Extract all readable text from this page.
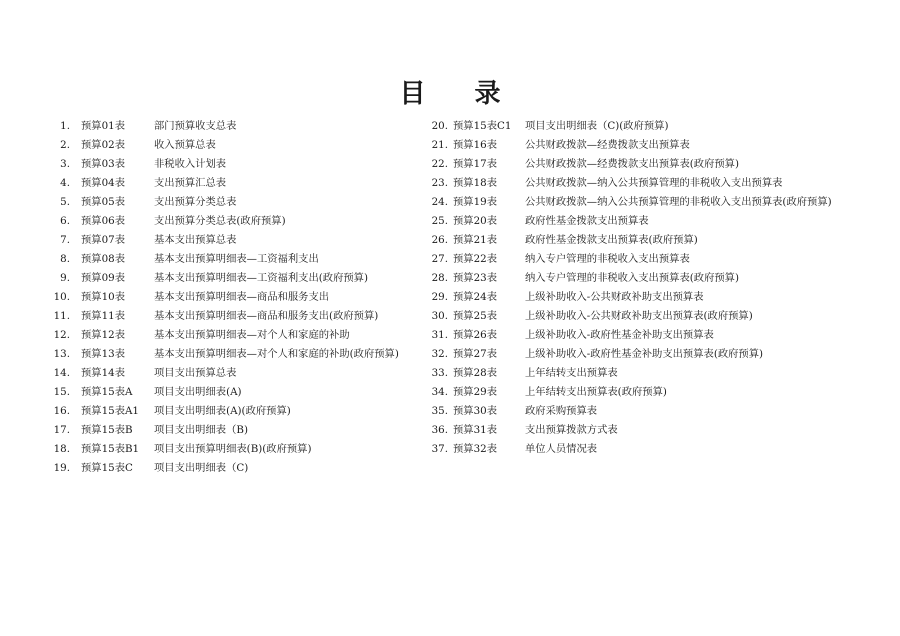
目 录
1.	预算01表	部门预算收支总表
2.	预算02表	收入预算总表
3.	预算03表	非税收入计划表
4.	预算04表	支出预算汇总表
5.	预算05表	支出预算分类总表
6.	预算06表	支出预算分类总表(政府预算)
7.	预算07表	基本支出预算总表
8.	预算08表	基本支出预算明细表—工资福利支出
9.	预算09表	基本支出预算明细表—工资福利支出(政府预算)
10.	预算10表	基本支出预算明细表—商品和服务支出
11.	预算11表	基本支出预算明细表—商品和服务支出(政府预算)
12.	预算12表	基本支出预算明细表—对个人和家庭的补助
13.	预算13表	基本支出预算明细表—对个人和家庭的补助(政府预算)
14.	预算14表	项目支出预算总表
15.	预算15表A	项目支出明细表(A)
16.	预算15表A1	项目支出明细表(A)(政府预算)
17.	预算15表B	项目支出明细表（B)
18.	预算15表B1	项目支出预算明细表(B)(政府预算)
19.	预算15表C	项目支出明细表（C)
20. 预算15表C1	项目支出明细表（C)(政府预算)
21. 预算16表	公共财政拨款—经费拨款支出预算表
22. 预算17表	公共财政拨款—经费拨款支出预算表(政府预算)
23. 预算18表	公共财政拨款—纳入公共预算管理的非税收入支出预算表
24. 预算19表	公共财政拨款—纳入公共预算管理的非税收入支出预算表(政府预算)
25. 预算20表	政府性基金拨款支出预算表
26. 预算21表	政府性基金拨款支出预算表(政府预算)
27. 预算22表	纳入专户管理的非税收入支出预算表
28. 预算23表	纳入专户管理的非税收入支出预算表(政府预算)
29. 预算24表	上级补助收入-公共财政补助支出预算表
30. 预算25表	上级补助收入-公共财政补助支出预算表(政府预算)
31. 预算26表	上级补助收入-政府性基金补助支出预算表
32. 预算27表	上级补助收入-政府性基金补助支出预算表(政府预算)
33. 预算28表	上年结转支出预算表
34. 预算29表	上年结转支出预算表(政府预算)
35. 预算30表	政府采购预算表
36. 预算31表	支出预算拨款方式表
37. 预算32表	单位人员情况表
